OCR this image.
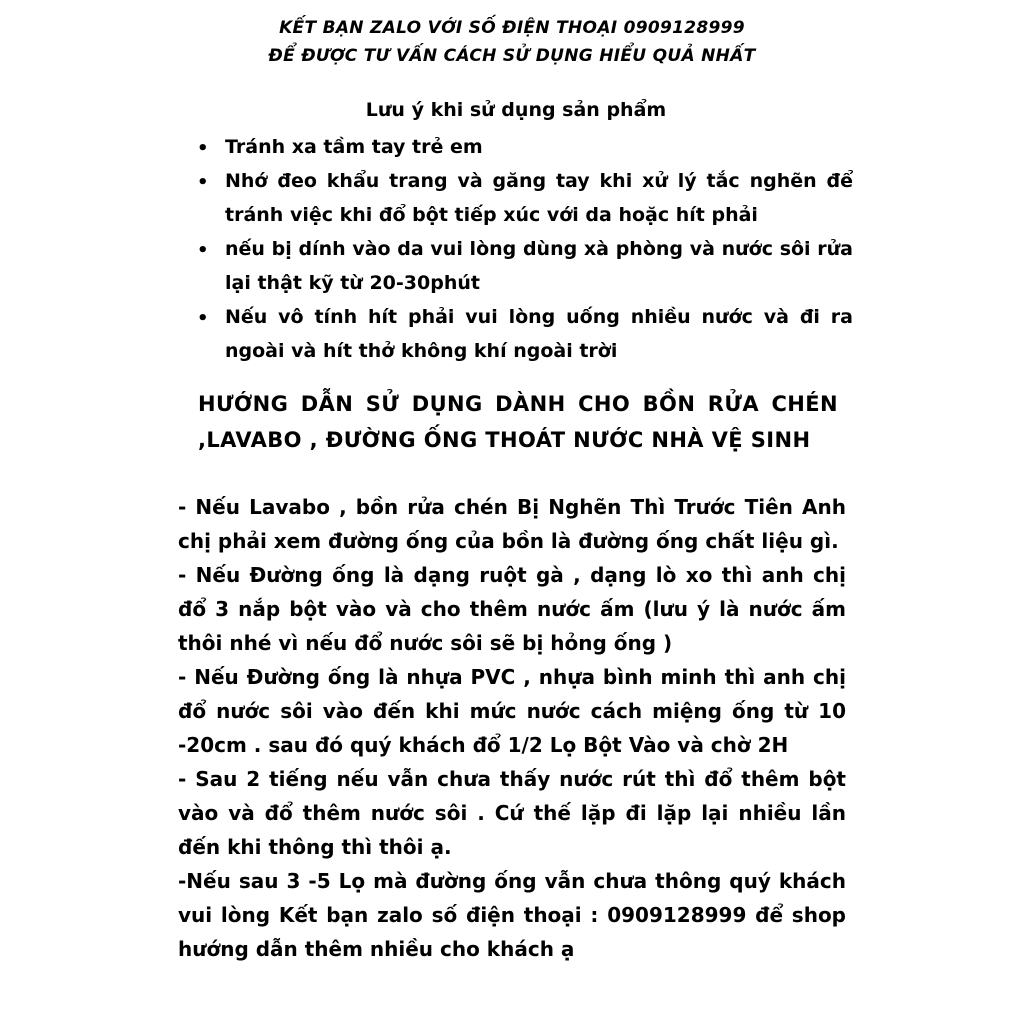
KẾT BẠN ZALO VỚI SỐ ĐIỆN THOẠI 0909128999
ĐỂ ĐƯỢC TƯ VẤN CÁCH SỬ DỤNG HIỂU QUẢ NHẤT
Lưu ý khi sử dụng sản phẩm
•
Tránh xa tầm tay trẻ em
•
Nhớ đeo khẩu trang và găng tay khi xử lý tắc nghẽn để tránh việc khi đổ bột tiếp xúc với da hoặc hít phải
•
nếu bị dính vào da vui lòng dùng xà phòng và nước sôi rửa lại thật kỹ từ 20-30phút
•
Nếu vô tính hít phải vui lòng uống nhiều nước và đi ra ngoài và hít thở không khí ngoài trời
HƯỚNG DẪN SỬ DỤNG DÀNH CHO BỒN RỬA CHÉN ,LAVABO , ĐƯỜNG ỐNG THOÁT NƯỚC NHÀ VỆ SINH

- Nếu Lavabo , bồn rửa chén Bị Nghẽn Thì Trước Tiên Anh chị phải xem đường ống của bồn là đường ống chất liệu gì.

- Nếu Đường ống là dạng ruột gà , dạng lò xo thì anh chị đổ 3 nắp bột vào và cho thêm nước ấm (lưu ý là nước ấm thôi nhé vì nếu đổ nước sôi sẽ bị hỏng ống )

- Nếu Đường ống là nhựa PVC , nhựa bình minh thì anh chị đổ nước sôi vào đến khi mức nước cách miệng ống từ 10 -20cm . sau đó quý khách đổ 1/2 Lọ Bột Vào và chờ 2H

- Sau 2 tiếng nếu vẫn chưa thấy nước rút thì đổ thêm bột vào và đổ thêm nước sôi . Cứ thế lặp đi lặp lại nhiều lần đến khi thông thì thôi ạ.

-Nếu sau 3 -5 Lọ mà đường ống vẫn chưa thông quý khách vui lòng Kết bạn zalo số điện thoại : 0909128999 để shop hướng dẫn thêm nhiều cho khách ạ
